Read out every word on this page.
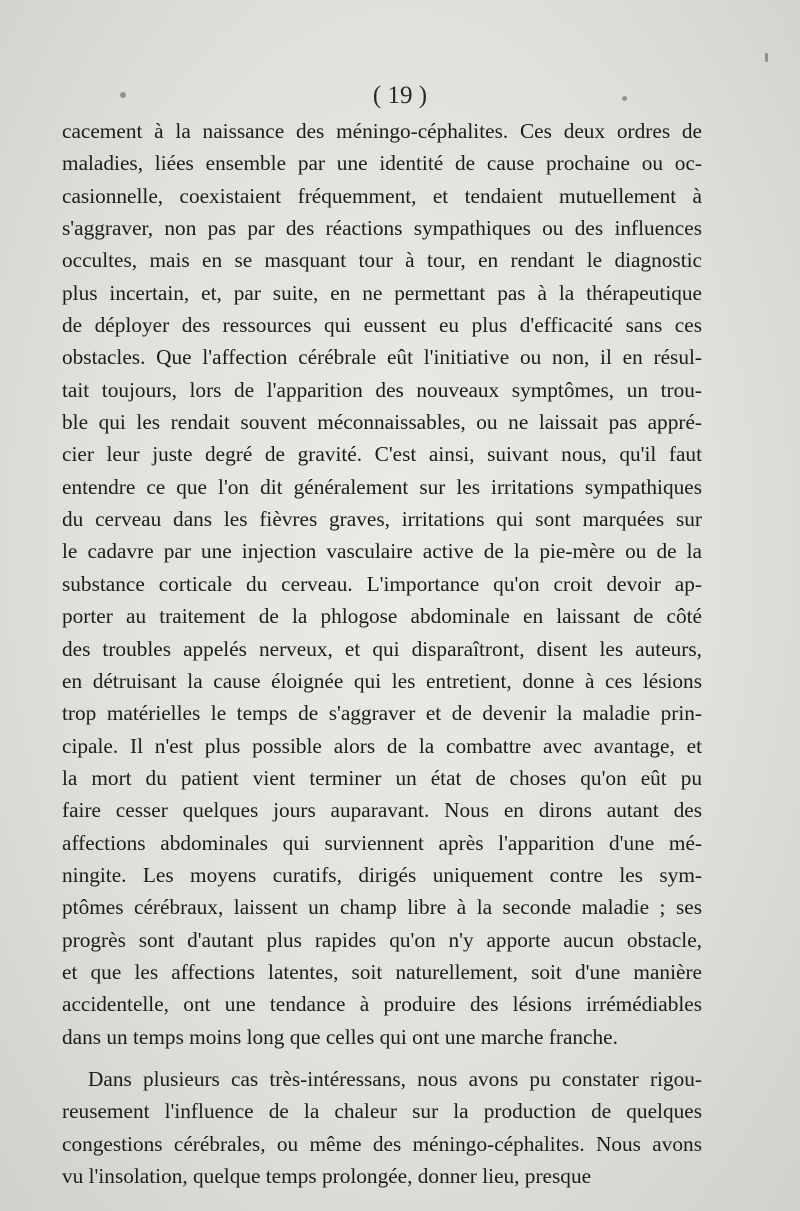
( 19 )
cacement à la naissance des méningo-céphalites. Ces deux ordres de
maladies, liées ensemble par une identité de cause prochaine ou oc-
casionnelle, coexistaient fréquemment, et tendaient mutuellement à
s'aggraver, non pas par des réactions sympathiques ou des influences
occultes, mais en se masquant tour à tour, en rendant le diagnostic
plus incertain, et, par suite, en ne permettant pas à la thérapeutique
de déployer des ressources qui eussent eu plus d'efficacité sans ces
obstacles. Que l'affection cérébrale eût l'initiative ou non, il en résul-
tait toujours, lors de l'apparition des nouveaux symptômes, un trou-
ble qui les rendait souvent méconnaissables, ou ne laissait pas appré-
cier leur juste degré de gravité. C'est ainsi, suivant nous, qu'il faut
entendre ce que l'on dit généralement sur les irritations sympathiques
du cerveau dans les fièvres graves, irritations qui sont marquées sur
le cadavre par une injection vasculaire active de la pie-mère ou de la
substance corticale du cerveau. L'importance qu'on croit devoir ap-
porter au traitement de la phlogose abdominale en laissant de côté
des troubles appelés nerveux, et qui disparaîtront, disent les auteurs,
en détruisant la cause éloignée qui les entretient, donne à ces lésions
trop matérielles le temps de s'aggraver et de devenir la maladie prin-
cipale. Il n'est plus possible alors de la combattre avec avantage, et
la mort du patient vient terminer un état de choses qu'on eût pu
faire cesser quelques jours auparavant. Nous en dirons autant des
affections abdominales qui surviennent après l'apparition d'une mé-
ningite. Les moyens curatifs, dirigés uniquement contre les sym-
ptômes cérébraux, laissent un champ libre à la seconde maladie ; ses
progrès sont d'autant plus rapides qu'on n'y apporte aucun obstacle,
et que les affections latentes, soit naturellement, soit d'une manière
accidentelle, ont une tendance à produire des lésions irrémédiables
dans un temps moins long que celles qui ont une marche franche.
Dans plusieurs cas très-intéressans, nous avons pu constater rigou-
reusement l'influence de la chaleur sur la production de quelques
congestions cérébrales, ou même des méningo-céphalites. Nous avons
vu l'insolation, quelque temps prolongée, donner lieu, presque
